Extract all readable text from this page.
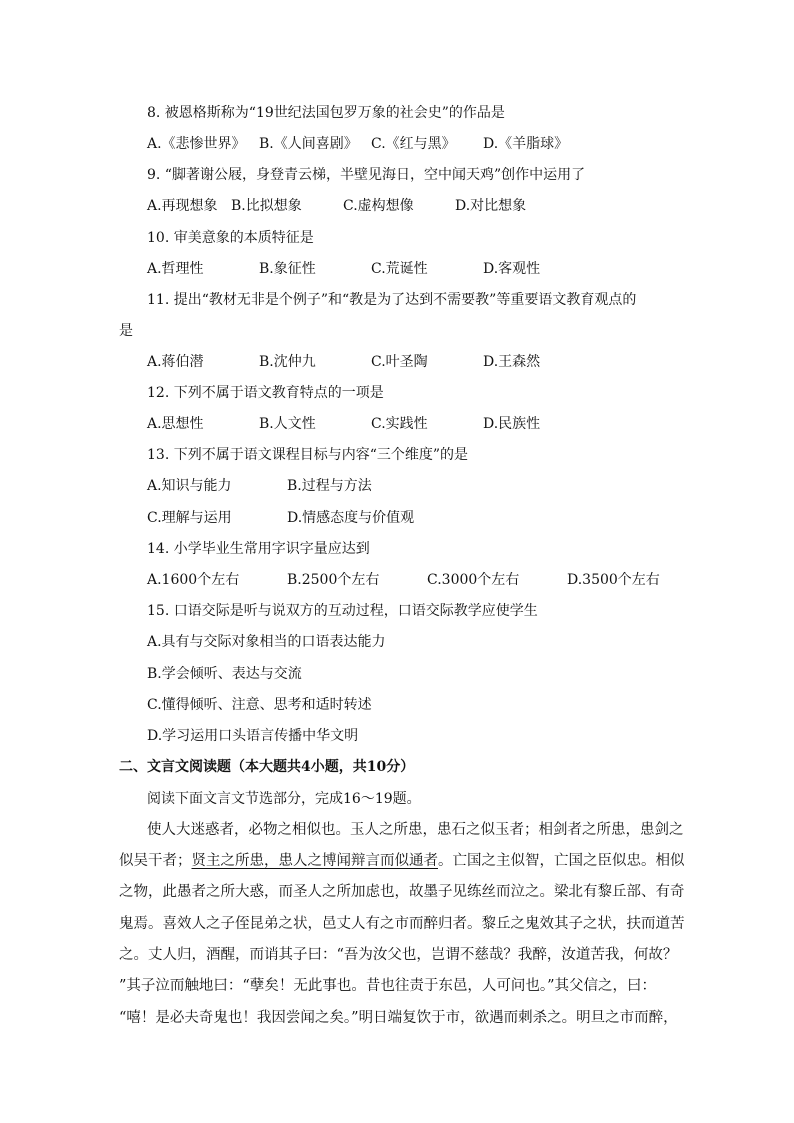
8. 被恩格斯称为“19世纪法国包罗万象的社会史”的作品是
A.《悲惨世界》 B.《人间喜剧》 C.《红与黑》 D.《羊脂球》
9. “脚著谢公屐，身登青云梯，半壁见海日，空中闻天鸡”创作中运用了
A.再现想象 B.比拟想象	C.虚构想像	D.对比想象
10. 审美意象的本质特征是
A.哲理性	B.象征性	C.荒诞性	D.客观性
11. 提出“教材无非是个例子”和“教是为了达到不需要教”等重要语文教育观点的
是
A.蒋伯潜	B.沈仲九	C.叶圣陶	D.王森然
12. 下列不属于语文教育特点的一项是
A.思想性	B.人文性	C.实践性	D.民族性
13. 下列不属于语文课程目标与内容“三个维度”的是
A.知识与能力	B.过程与方法
C.理解与运用	D.情感态度与价值观
14. 小学毕业生常用字识字量应达到
A.1600个左右	B.2500个左右	C.3000个左右	D.3500个左右
15. 口语交际是听与说双方的互动过程，口语交际教学应使学生
A.具有与交际对象相当的口语表达能力
B.学会倾听、表达与交流
C.懂得倾听、注意、思考和适时转述
D.学习运用口头语言传播中华文明
二、文言文阅读题（本大题共4小题，共10分）
阅读下面文言文节选部分，完成16～19题。
使人大迷惑者，必物之相似也。玉人之所患，患石之似玉者；相剑者之所患，患剑之
似吴干者；贤主之所患，患人之博闻辩言而似通者。亡国之主似智，亡国之臣似忠。相似
之物，此愚者之所大惑，而圣人之所加虑也，故墨子见练丝而泣之。梁北有黎丘部、有奇
鬼焉。喜效人之子侄昆弟之状，邑丈人有之市而醉归者。黎丘之鬼效其子之状，扶而道苦
之。丈人归，酒醒，而诮其子曰：“吾为汝父也，岂谓不慈哉？我醉，汝道苦我，何故？
”其子泣而触地曰：“孽矣！无此事也。昔也往责于东邑，人可问也。”其父信之，曰：
“嘻！是必夫奇鬼也！我因尝闻之矣。”明日端复饮于市，欲遇而刺杀之。明旦之市而醉，
